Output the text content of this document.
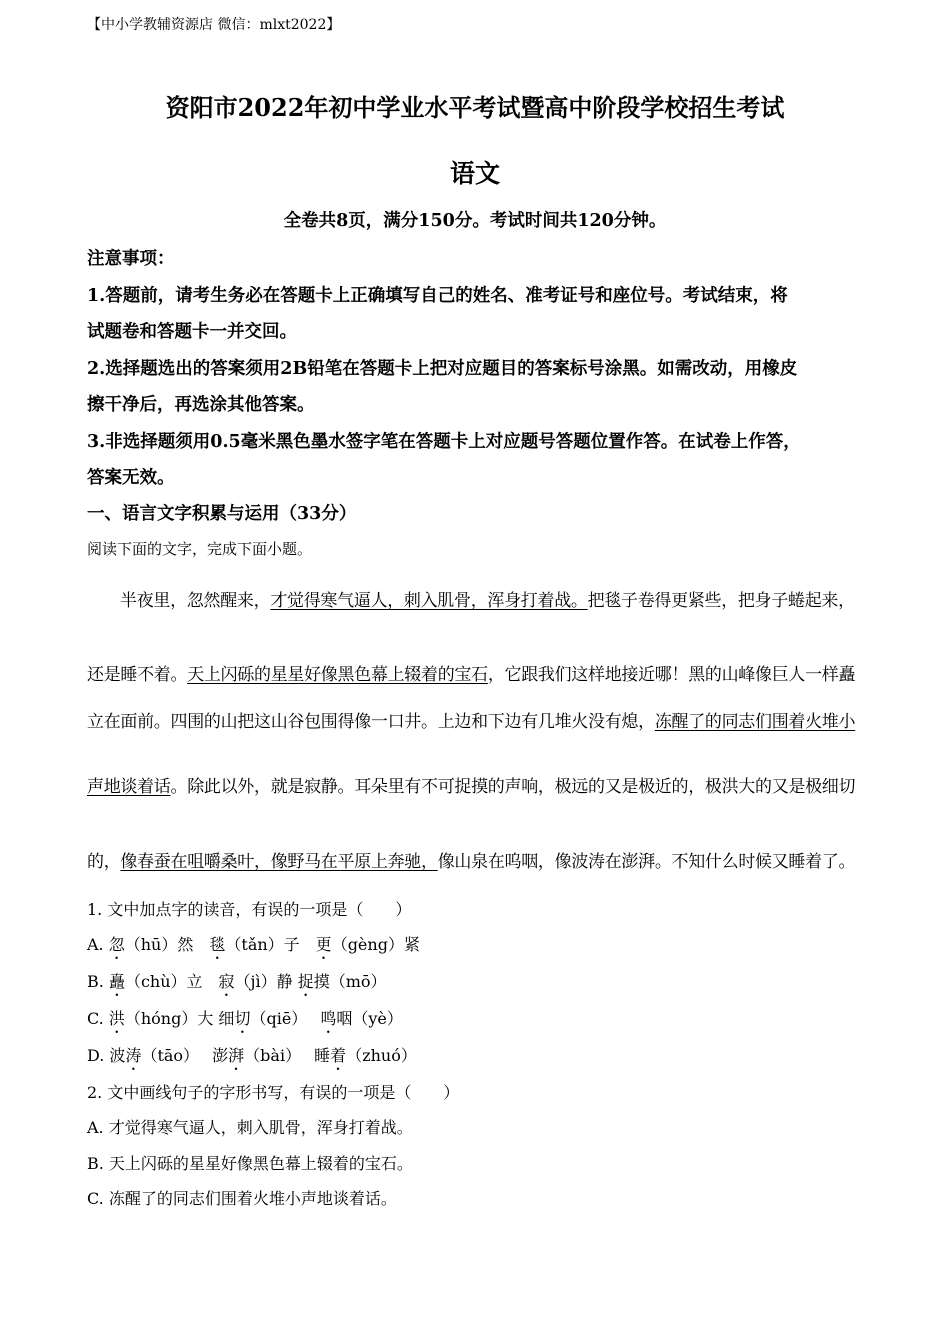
【中小学教辅资源店 微信：mlxt2022】
资阳市2022年初中学业水平考试暨高中阶段学校招生考试
语文
全卷共8页，满分150分。考试时间共120分钟。
注意事项：
1.答题前，请考生务必在答题卡上正确填写自己的姓名、准考证号和座位号。考试结束，将
试题卷和答题卡一并交回。
2.选择题选出的答案须用2B铅笔在答题卡上把对应题目的答案标号涂黑。如需改动，用橡皮
擦干净后，再选涂其他答案。
3.非选择题须用0.5毫米黑色墨水签字笔在答题卡上对应题号答题位置作答。在试卷上作答，
答案无效。
一、语言文字积累与运用（33分）
阅读下面的文字，完成下面小题。
半夜里，忽然醒来，才觉得寒气逼人，刺入肌骨，浑身打着战。把毯子卷得更紧些，把身子蜷起来，
还是睡不着。天上闪砾的星星好像黑色幕上辍着的宝石，它跟我们这样地接近哪！黑的山峰像巨人一样矗
立在面前。四围的山把这山谷包围得像一口井。上边和下边有几堆火没有熄，冻醒了的同志们围着火堆小
声地谈着话。除此以外，就是寂静。耳朵里有不可捉摸的声响，极远的又是极近的，极洪大的又是极细切
的，像春蚕在咀嚼桑叶，像野马在平原上奔驰，像山泉在呜咽，像波涛在澎湃。不知什么时候又睡着了。
1. 文中加点字的读音，有误的一项是（　　）
A. 忽（hū）然　毯（tǎn）子　更（gèng）紧
B. 矗（chù）立　寂（jì）静 捉摸（mō）
C. 洪（hóng）大 细切（qiē）　 鸣咽（yè）
D. 波涛（tāo）　 澎湃（bài）　 睡着（zhuó）
2. 文中画线句子的字形书写，有误的一项是（　　）
A. 才觉得寒气逼人，刺入肌骨，浑身打着战。
B. 天上闪砾的星星好像黑色幕上辍着的宝石。
C. 冻醒了的同志们围着火堆小声地谈着话。
